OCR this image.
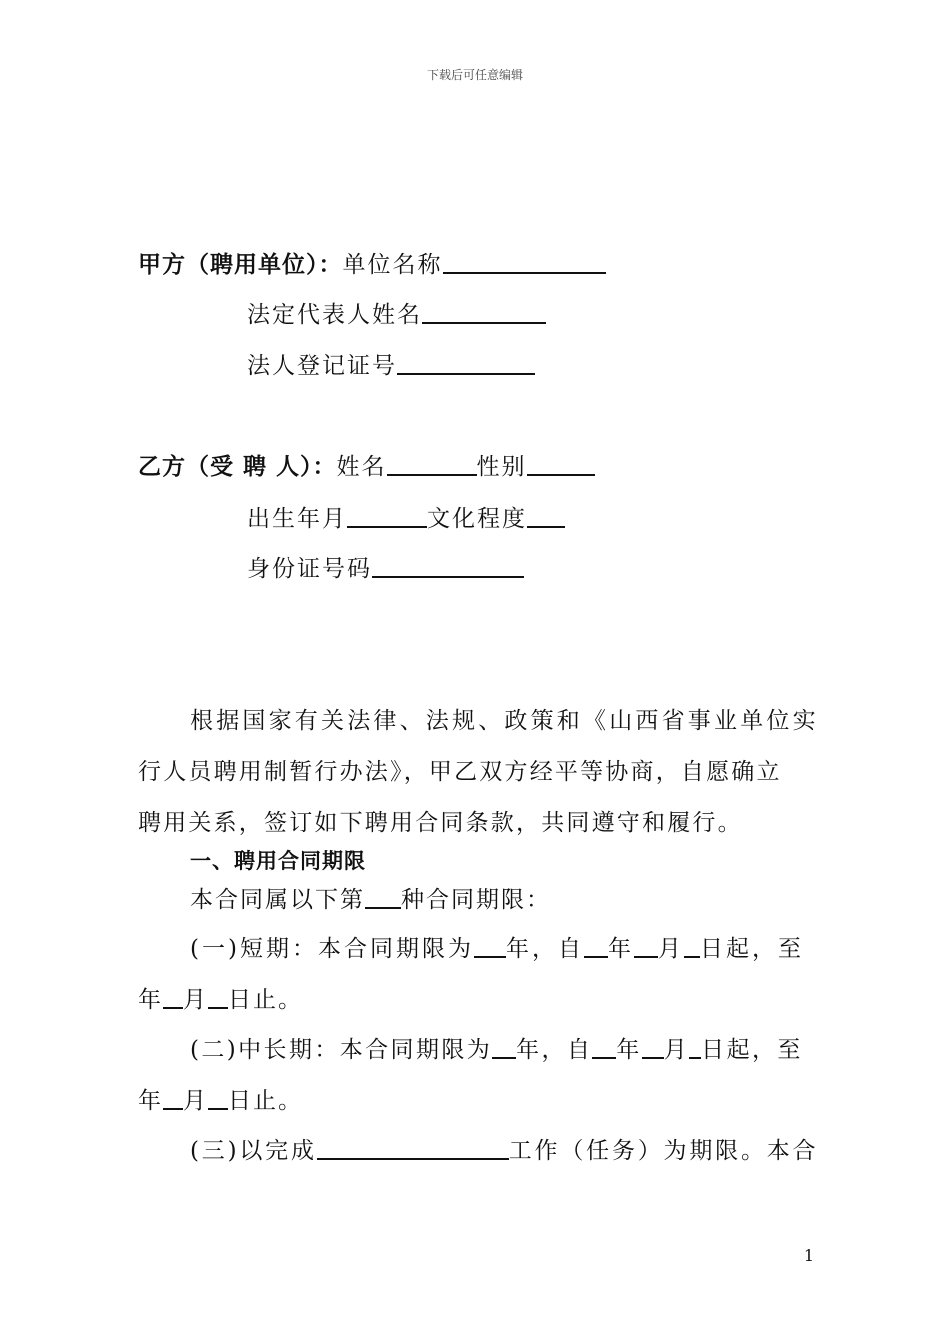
下载后可任意编辑
甲方（聘用单位）：单位名称
法定代表人姓名
法人登记证号
乙方（受 聘 人）：姓名	性别
出生年月	文化程度
身份证号码
根据国家有关法律、法规、政策和《山西省事业单位实
行人员聘用制暂行办法》，甲乙双方经平等协商，自愿确立
聘用关系，签订如下聘用合同条款，共同遵守和履行。
一、聘用合同期限
本合同属以下第 种合同期限：
(一)短期：本合同期限为 年，自 年 月 日起，至
年 月 日止。
(二)中长期：本合同期限为 年，自 年 月 日起，至
年 月 日止。
(三)以完成	工作（任务）为期限。本合
1
